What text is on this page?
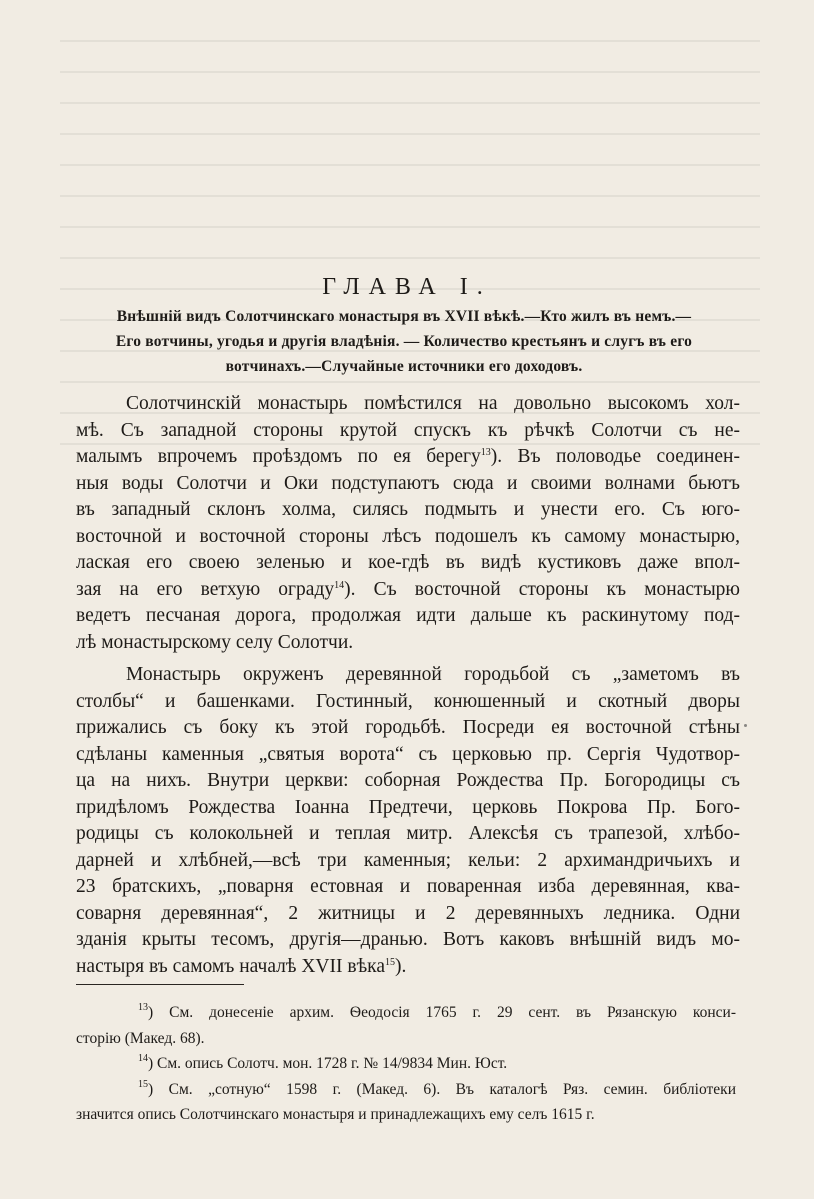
ГЛАВА I.
Внѣшній видъ Солотчинскаго монастыря въ XVII вѣкѣ.—Кто жилъ въ немъ.—
Его вотчины, угодья и другія владѣнія. — Количество крестьянъ и слугъ въ его
вотчинахъ.—Случайные источники его доходовъ.
Солотчинскій монастырь помѣстился на довольно высокомъ хол-
мѣ. Съ западной стороны крутой спускъ къ рѣчкѣ Солотчи съ не-
малымъ впрочемъ проѣздомъ по ея берегу$^{13}$). Въ половодье соединен-
ныя воды Солотчи и Оки подступаютъ сюда и своими волнами бьютъ
въ западный склонъ холма, силясь подмыть и унести его. Съ юго-
восточной и восточной стороны лѣсъ подошелъ къ самому монастырю,
лаская его своею зеленью и кое-гдѣ въ видѣ кустиковъ даже впол-
зая на его ветхую ограду$^{14}$). Съ восточной стороны къ монастырю
ведетъ песчаная дорога, продолжая идти дальше къ раскинутому под-
лѣ монастырскому селу Солотчи.
Монастырь окруженъ деревянной городьбой съ „заметомъ въ
столбы“ и башенками. Гостинный, конюшенный и скотный дворы
прижались съ боку къ этой городьбѣ. Посреди ея восточной стѣны
сдѣланы каменныя „святыя ворота“ съ церковью пр. Сергія Чудотвор-
ца на нихъ. Внутри церкви: соборная Рождества Пр. Богородицы съ
придѣломъ Рождества Іоанна Предтечи, церковь Покрова Пр. Бого-
родицы съ колокольней и теплая митр. Алексѣя съ трапезой, хлѣбо-
дарней и хлѣбней,—всѣ три каменныя; кельи: 2 архимандричьихъ и
23 братскихъ, „поварня естовная и поваренная изба деревянная, ква-
соварня деревянная“, 2 житницы и 2 деревянныхъ ледника. Одни
зданія крыты тесомъ, другія—дранью. Вотъ каковъ внѣшній видъ мо-
настыря въ самомъ началѣ XVII вѣка$^{15}$).
$^{13}$) См. донесеніе архим. Ѳеодосія 1765 г. 29 сент. въ Рязанскую конси-
сторію (Макед. 68).
$^{14}$) См. опись Солотч. мон. 1728 г. № 14/9834 Мин. Юст.
$^{15}$) См. „сотную“ 1598 г. (Макед. 6). Въ каталогѣ Ряз. семин. библіотеки
значится опись Солотчинскаго монастыря и принадлежащихъ ему селъ 1615 г.
